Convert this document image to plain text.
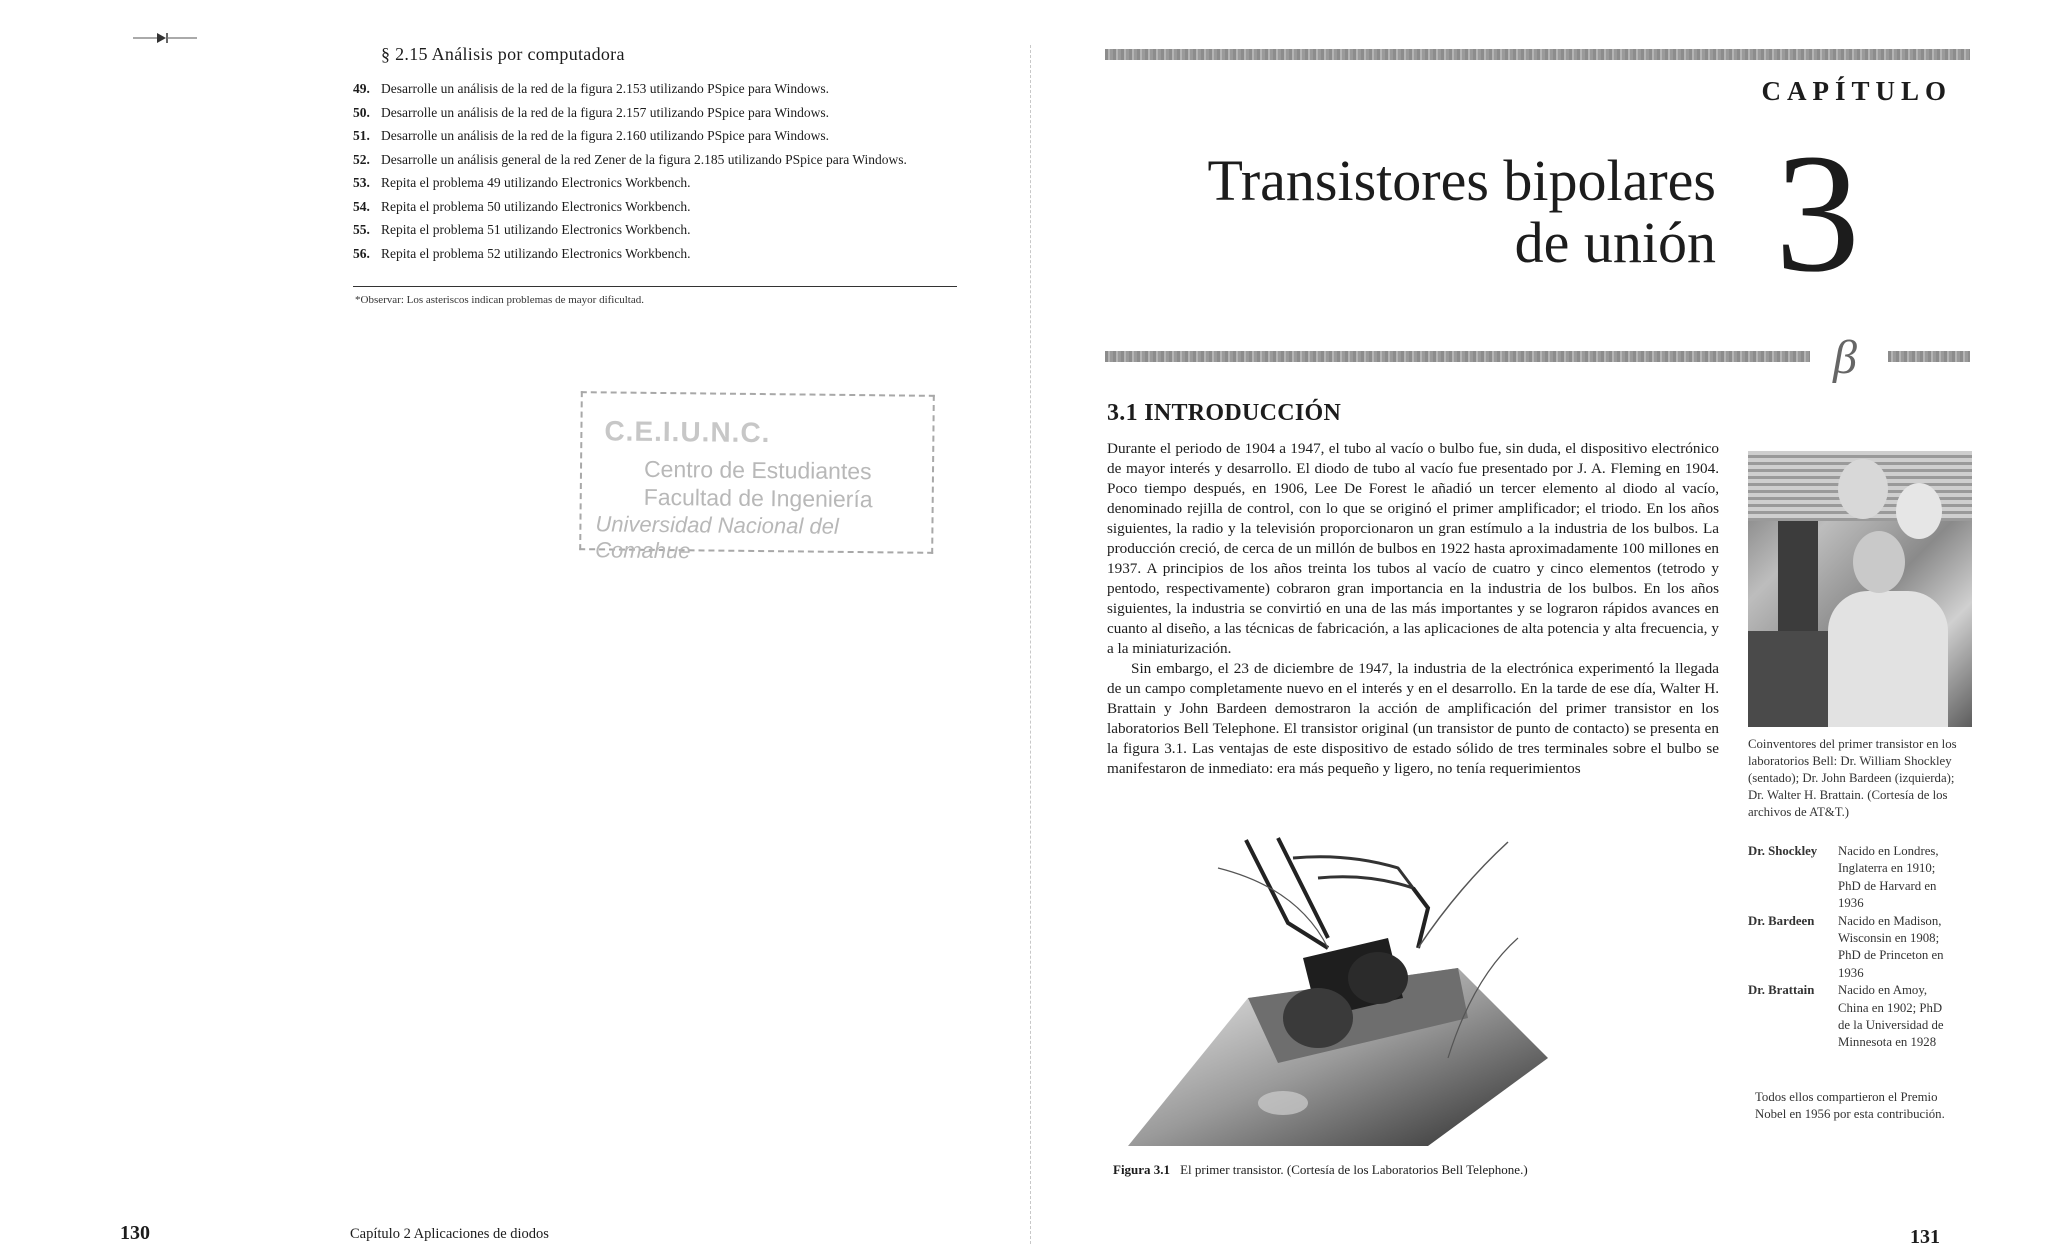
§ 2.15 Análisis por computadora
49. Desarrolle un análisis de la red de la figura 2.153 utilizando PSpice para Windows.
50. Desarrolle un análisis de la red de la figura 2.157 utilizando PSpice para Windows.
51. Desarrolle un análisis de la red de la figura 2.160 utilizando PSpice para Windows.
52. Desarrolle un análisis general de la red Zener de la figura 2.185 utilizando PSpice para Windows.
53. Repita el problema 49 utilizando Electronics Workbench.
54. Repita el problema 50 utilizando Electronics Workbench.
55. Repita el problema 51 utilizando Electronics Workbench.
56. Repita el problema 52 utilizando Electronics Workbench.
*Observar: Los asteriscos indican problemas de mayor dificultad.
C.E.I.U.N.C.
Centro de Estudiantes
Facultad de Ingeniería
Universidad Nacional del Comahue
130	Capítulo 2 Aplicaciones de diodos
CAPÍTULO
Transistores bipolares
de unión 3
β
3.1 INTRODUCCIÓN

Durante el periodo de 1904 a 1947, el tubo al vacío o bulbo fue, sin duda, el dispositivo electrónico de mayor interés y desarrollo. El diodo de tubo al vacío fue presentado por J. A. Fleming en 1904. Poco tiempo después, en 1906, Lee De Forest le añadió un tercer elemento al diodo al vacío, denominado rejilla de control, con lo que se originó el primer amplificador; el triodo. En los años siguientes, la radio y la televisión proporcionaron un gran estímulo a la industria de los bulbos. La producción creció, de cerca de un millón de bulbos en 1922 hasta aproximadamente 100 millones en 1937. A principios de los años treinta los tubos al vacío de cuatro y cinco elementos (tetrodo y pentodo, respectivamente) cobraron gran importancia en la industria de los bulbos. En los años siguientes, la industria se convirtió en una de las más importantes y se lograron rápidos avances en cuanto al diseño, a las técnicas de fabricación, a las aplicaciones de alta potencia y alta frecuencia, y a la miniaturización.

Sin embargo, el 23 de diciembre de 1947, la industria de la electrónica experimentó la llegada de un campo completamente nuevo en el interés y en el desarrollo. En la tarde de ese día, Walter H. Brattain y John Bardeen demostraron la acción de amplificación del primer transistor en los laboratorios Bell Telephone. El transistor original (un transistor de punto de contacto) se presenta en la figura 3.1. Las ventajas de este dispositivo de estado sólido de tres terminales sobre el bulbo se manifestaron de inmediato: era más pequeño y ligero, no tenía requerimientos

Coinventores del primer transistor en los laboratorios Bell: Dr. William Shockley (sentado); Dr. John Bardeen (izquierda); Dr. Walter H. Brattain. (Cortesía de los archivos de AT&T.)
Dr. Shockley	Nacido en Londres, Inglaterra en 1910; PhD de Harvard en 1936
Dr. Bardeen	Nacido en Madison, Wisconsin en 1908; PhD de Princeton en 1936
Dr. Brattain	Nacido en Amoy, China en 1902; PhD de la Universidad de Minnesota en 1928
Todos ellos compartieron el Premio Nobel en 1956 por esta contribución.
Figura 3.1 El primer transistor. (Cortesía de los Laboratorios Bell Telephone.)
131
